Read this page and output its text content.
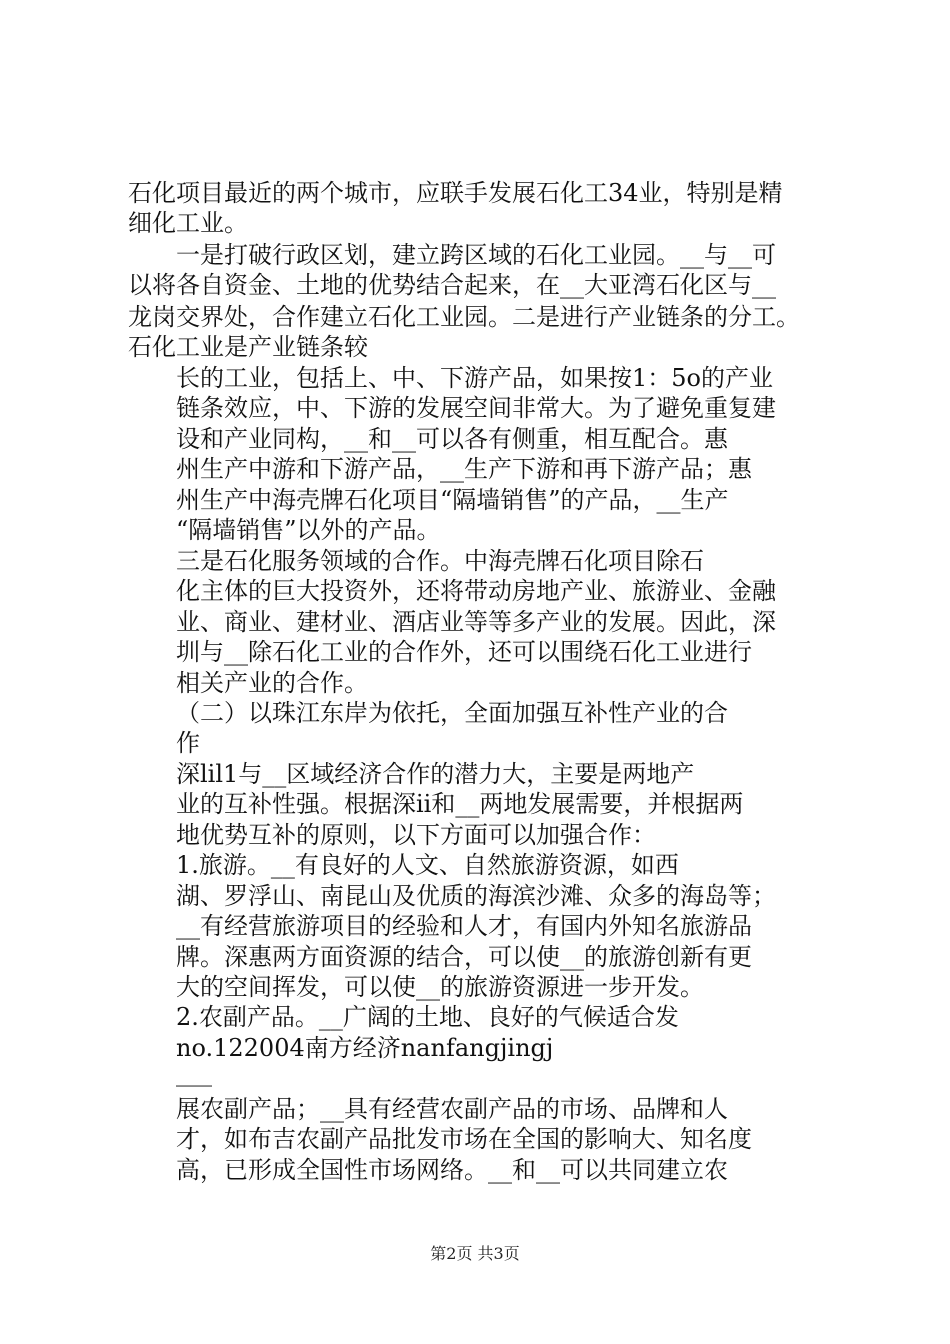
石化项目最近的两个城市，应联手发展石化工34业，特别是精
细化工业。
一是打破行政区划，建立跨区域的石化工业园。__与__可
以将各自资金、土地的优势结合起来，在__大亚湾石化区与__
龙岗交界处，合作建立石化工业园。二是进行产业链条的分工。
石化工业是产业链条较
长的工业，包括上、中、下游产品，如果按1：5o的产业
链条效应，中、下游的发展空间非常大。为了避免重复建
设和产业同构，__和__可以各有侧重，相互配合。惠
州生产中游和下游产品，__生产下游和再下游产品；惠
州生产中海壳牌石化项目“隔墙销售”的产品，__生产
“隔墙销售”以外的产品。
三是石化服务领域的合作。中海壳牌石化项目除石
化主体的巨大投资外，还将带动房地产业、旅游业、金融
业、商业、建材业、酒店业等等多产业的发展。因此，深
圳与__除石化工业的合作外，还可以围绕石化工业进行
相关产业的合作。
（二）以珠江东岸为依托，全面加强互补性产业的合
作
深lil1与__区域经济合作的潜力大，主要是两地产
业的互补性强。根据深ii和__两地发展需要，并根据两
地优势互补的原则，以下方面可以加强合作：
1.旅游。__有良好的人文、自然旅游资源，如西
湖、罗浮山、南昆山及优质的海滨沙滩、众多的海岛等；
__有经营旅游项目的经验和人才，有国内外知名旅游品
牌。深惠两方面资源的结合，可以使__的旅游创新有更
大的空间挥发，可以使__的旅游资源进一步开发。
2.农副产品。__广阔的土地、良好的气候适合发
no.122004南方经济nanfangjingj
___
展农副产品；__具有经营农副产品的市场、品牌和人
才，如布吉农副产品批发市场在全国的影响大、知名度
高，已形成全国性市场网络。__和__可以共同建立农
第2页 共3页
